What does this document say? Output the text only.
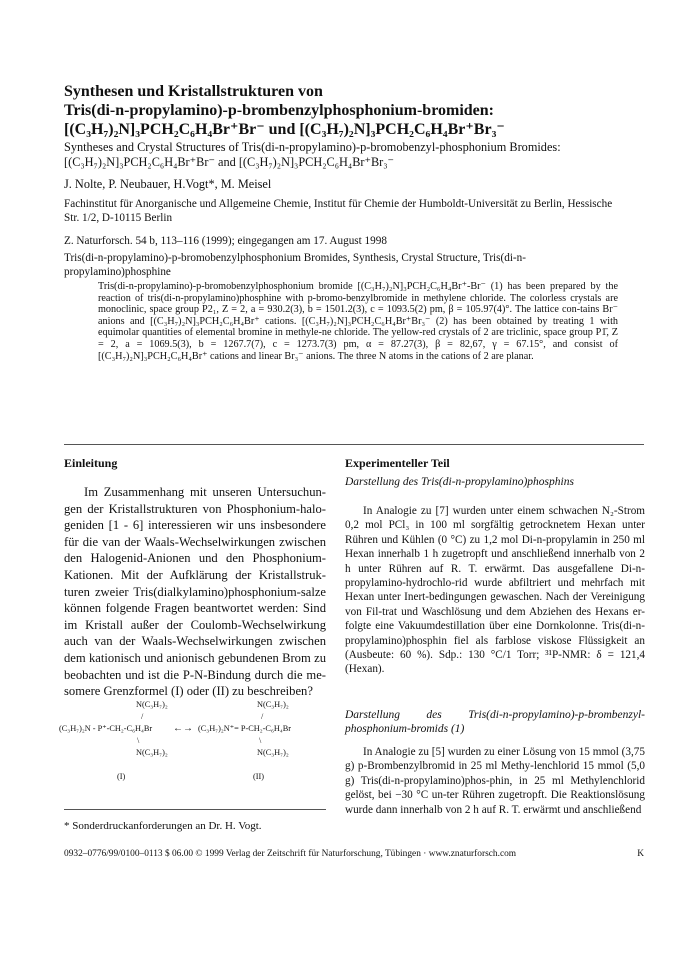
Synthesen und Kristallstrukturen von
Tris(di-n-propylamino)-p-brombenzylphosphonium-bromiden:
[(C₃H₇)₂N]₃PCH₂C₆H₄Br⁺Br⁻ und [(C₃H₇)₂N]₃PCH₂C₆H₄Br⁺Br₃⁻
Syntheses and Crystal Structures of Tris(di-n-propylamino)-p-bromobenzyl-phosphonium Bromides: [(C₃H₇)₂N]₃PCH₂C₆H₄Br⁺Br⁻ and [(C₃H₇)₂N]₃PCH₂C₆H₄Br⁺Br₃⁻
J. Nolte, P. Neubauer, H.Vogt*, M. Meisel
Fachinstitut für Anorganische und Allgemeine Chemie, Institut für Chemie der Humboldt-Universität zu Berlin, Hessische Str. 1/2, D-10115 Berlin
Z. Naturforsch. 54 b, 113–116 (1999); eingegangen am 17. August 1998
Tris(di-n-propylamino)-p-bromobenzylphosphonium Bromides, Synthesis, Crystal Structure, Tris(di-n-propylamino)phosphine
Tris(di-n-propylamino)-p-bromobenzylphosphonium bromide [(C₃H₇)₂N]₃PCH₂C₆H₄Br⁺-Br⁻ (1) has been prepared by the reaction of tris(di-n-propylamino)phosphine with p-bromo-benzylbromide in methylene chloride. The colorless crystals are monoclinic, space group P2₁, Z = 2, a = 930.2(3), b = 1501.2(3), c = 1093.5(2) pm, β = 105.97(4)°. The lattice con-tains Br⁻ anions and [(C₃H₇)₂N]₃PCH₂C₆H₄Br⁺ cations. [(C₃H₇)₂N]₃PCH₂C₆H₄Br⁺Br₃⁻ (2) has been obtained by treating 1 with equimolar quantities of elemental bromine in methyle-ne chloride. The yellow-red crystals of 2 are triclinic, space group P1̄, Z = 2, a = 1069.5(3), b = 1267.7(7), c = 1273.7(3) pm, α = 87.27(3), β = 82,67, γ = 67.15°, and consist of [(C₃H₇)₂N]₃PCH₂C₆H₄Br⁺ cations and linear Br₃⁻ anions. The three N atoms in the cations of 2 are planar.
Einleitung
Im Zusammenhang mit unseren Untersuchun-gen der Kristallstrukturen von Phosphonium-halo-geniden [1 - 6] interessieren wir uns insbesondere für die van der Waals-Wechselwirkungen zwischen den Halogenid-Anionen und den Phosphonium-Kationen. Mit der Aufklärung der Kristallstruk-turen zweier Tris(dialkylamino)phosphonium-salze können folgende Fragen beantwortet werden: Sind im Kristall außer der Coulomb-Wechselwirkung auch van der Waals-Wechselwirkungen zwischen dem kationisch und anionisch gebundenen Brom zu beobachten und ist die P-N-Bindung durch die me-somere Grenzformel (I) oder (II) zu beschreiben?
N(C₃H₇)₂
/
(C₃H₇)₂N - P⁺-CH₂-C₆H₄Br
\
N(C₃H₇)₂
(I)
←→
N(C₃H₇)₂
/
(C₃H₇)₂N⁺= P-CH₂-C₆H₄Br
\
N(C₃H₇)₂
(II)
* Sonderdruckanforderungen an Dr. H. Vogt.
Experimenteller Teil
Darstellung des Tris(di-n-propylamino)phosphins
In Analogie zu [7] wurden unter einem schwachen N₂-Strom 0,2 mol PCl₃ in 100 ml sorgfältig getrocknetem Hexan unter Rühren und Kühlen (0 °C) zu 1,2 mol Di-n-propylamin in 250 ml Hexan innerhalb 1 h zugetropft und anschließend innerhalb von 2 h unter Rühren auf R. T. erwärmt. Das ausgefallene Di-n-propylamino-hydrochlo-rid wurde abfiltriert und mehrfach mit Hexan unter Inert-bedingungen gewaschen. Nach der Vereinigung von Fil-trat und Waschlösung und dem Abziehen des Hexans er-folgte eine Vakuumdestillation über eine Dornkolonne. Tris(di-n-propylamino)phosphin fiel als farblose viskose Flüssigkeit an (Ausbeute: 60 %). Sdp.: 130 °C/1 Torr; ³¹P-NMR: δ = 121,4 (Hexan).
Darstellung des Tris(di-n-propylamino)-p-brombenzyl-phosphonium-bromids (1)
In Analogie zu [5] wurden zu einer Lösung von 15 mmol (3,75 g) p-Brombenzylbromid in 25 ml Methy-lenchlorid 15 mmol (5,0 g) Tris(di-n-propylamino)phos-phin, in 25 ml Methylenchlorid gelöst, bei −30 °C un-ter Rühren zugetropft. Die Reaktionslösung wurde dann innerhalb von 2 h auf R. T. erwärmt und anschließend
0932–0776/99/0100–0113 $ 06.00 © 1999 Verlag der Zeitschrift für Naturforschung, Tübingen · www.znaturforsch.com	K
